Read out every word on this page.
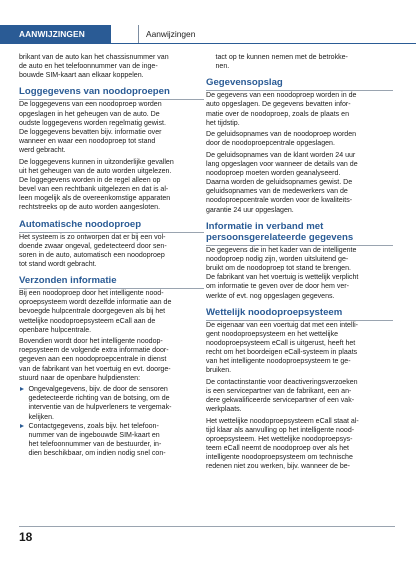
AANWIJZINGEN	Aanwijzingen

brikant van de auto kan het chassisnummer van
de auto en het telefoonnummer van de inge-
bouwde SIM-kaart aan elkaar koppelen.

Loggegevens van noodoproepen

De loggegevens van een noodoproep worden
opgeslagen in het geheugen van de auto. De
oudste loggegevens worden regelmatig gewist.
De loggegevens bevatten bijv. informatie over
wanneer en waar een noodoproep tot stand
werd gebracht.

De loggegevens kunnen in uitzonderlijke gevallen
uit het geheugen van de auto worden uitgelezen.
De loggegevens worden in de regel alleen op
bevel van een rechtbank uitgelezen en dat is al-
leen mogelijk als de overeenkomstige apparaten
rechtstreeks op de auto worden aangesloten.

Automatische noodoproep

Het systeem is zo ontworpen dat er bij een vol-
doende zwaar ongeval, gedetecteerd door sen-
soren in de auto, automatisch een noodoproep
tot stand wordt gebracht.

Verzonden informatie

Bij een noodoproep door het intelligente nood-
oproepsysteem wordt dezelfde informatie aan de
bevoegde hulpcentrale doorgegeven als bij het
wettelijke noodoproepsysteem eCall aan de
openbare hulpcentrale.

Bovendien wordt door het intelligente noodop-
roepsysteem de volgende extra informatie door-
gegeven aan een noodoproepcentrale in dienst
van de fabrikant van het voertuig en evt. doorge-
stuurd naar de openbare hulpdiensten:

Ongevalgegevens, bijv. de door de sensoren
gedetecteerde richting van de botsing, om de
interventie van de hulpverleners te vergemak-
kelijken.
Contactgegevens, zoals bijv. het telefoon-
nummer van de ingebouwde SIM-kaart en
het telefoonnummer van de bestuurder, in-
dien beschikbaar, om indien nodig snel con-

tact op te kunnen nemen met de betrokke-
nen.

Gegevensopslag

De gegevens van een noodoproep worden in de
auto opgeslagen. De gegevens bevatten infor-
matie over de noodoproep, zoals de plaats en
het tijdstip.

De geluidsopnames van de noodoproep worden
door de noodoproepcentrale opgeslagen.

De geluidsopnames van de klant worden 24 uur
lang opgeslagen voor wanneer de details van de
noodoproep moeten worden geanalyseerd.
Daarna worden de geluidsopnames gewist. De
geluidsopnames van de medewerkers van de
noodoproepcentrale worden voor de kwaliteits-
garantie 24 uur opgeslagen.

Informatie in verband met
persoonsgerelateerde gegevens

De gegevens die in het kader van de intelligente
noodoproep nodig zijn, worden uitsluitend ge-
bruikt om de noodoproep tot stand te brengen.
De fabrikant van het voertuig is wettelijk verplicht
om informatie te geven over de door hem ver-
werkte of evt. nog opgeslagen gegevens.

Wettelijk noodoproepsysteem

De eigenaar van een voertuig dat met een intelli-
gent noodoproepsysteem en het wettelijke
noodoproepsysteem eCall is uitgerust, heeft het
recht om het boordeigen eCall-systeem in plaats
van het intelligente noodoproepsysteem te ge-
bruiken.

De contactinstantie voor deactiveringsverzoeken
is een servicepartner van de fabrikant, een an-
dere gekwalificeerde servicepartner of een vak-
werkplaats.

Het wettelijke noodoproepsysteem eCall staat al-
tijd klaar als aanvulling op het intelligente nood-
oproepsysteem. Het wettelijke noodoproepsys-
teem eCall neemt de noodoproep over als het
intelligente noodoproepsysteem om technische
redenen niet zou werken, bijv. wanneer de be-

18
